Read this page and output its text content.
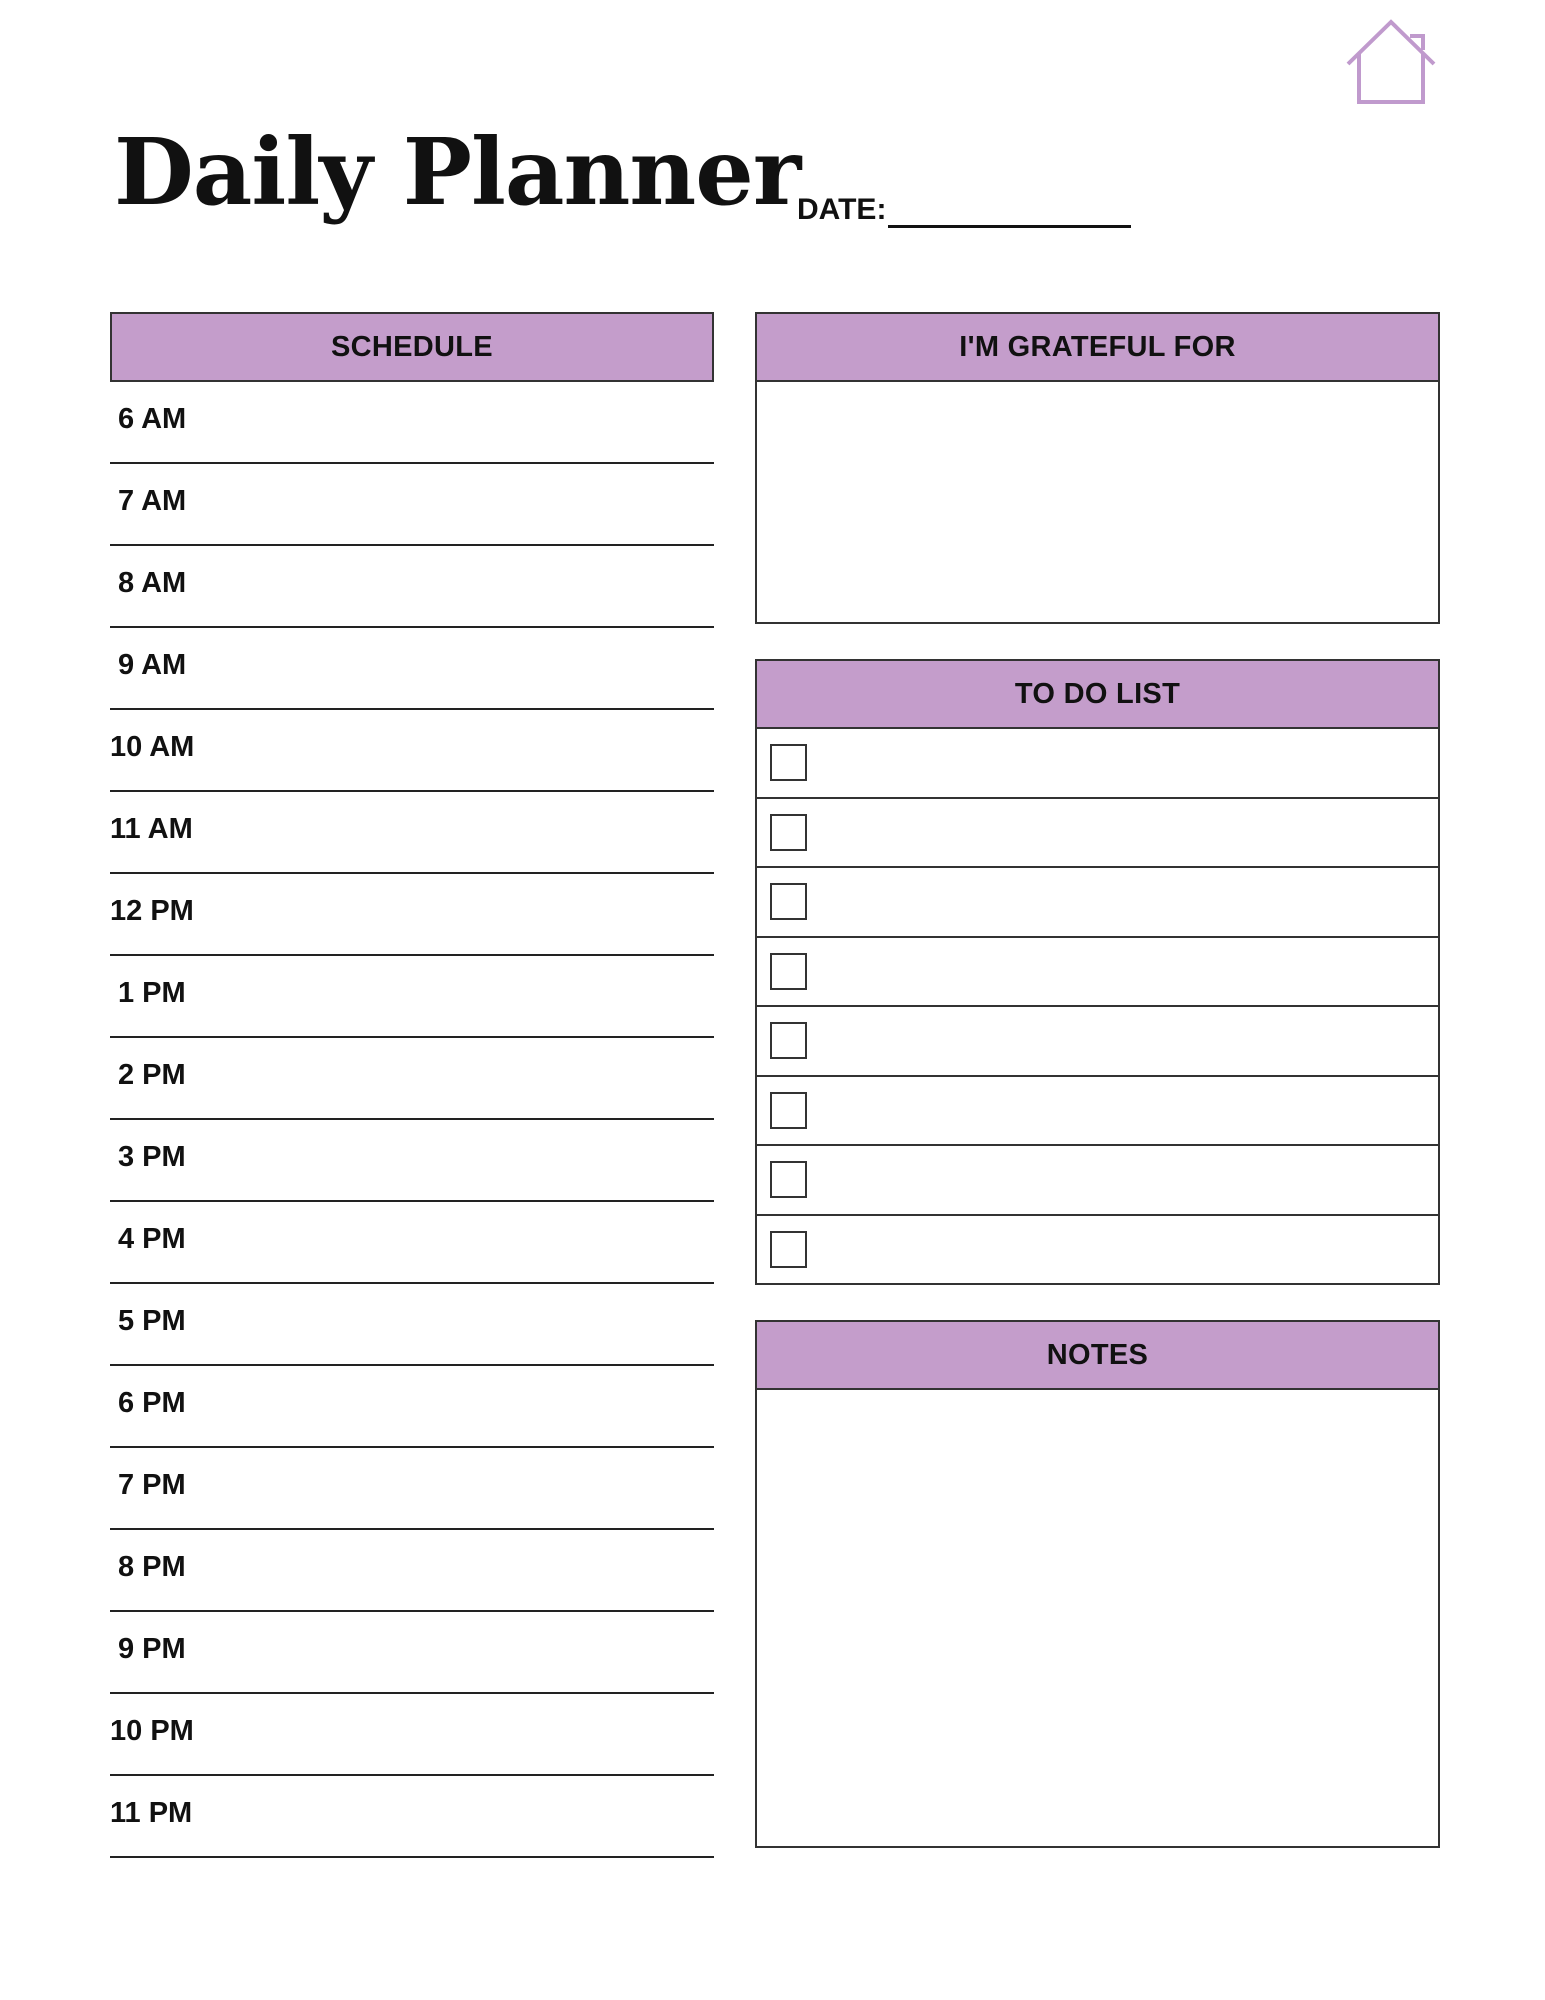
Daily Planner
DATE:
SCHEDULE
6 AM
7 AM
8 AM
9 AM
10 AM
11 AM
12 PM
1 PM
2 PM
3 PM
4 PM
5 PM
6 PM
7 PM
8 PM
9 PM
10 PM
11 PM
I'M GRATEFUL FOR
TO DO LIST
NOTES
